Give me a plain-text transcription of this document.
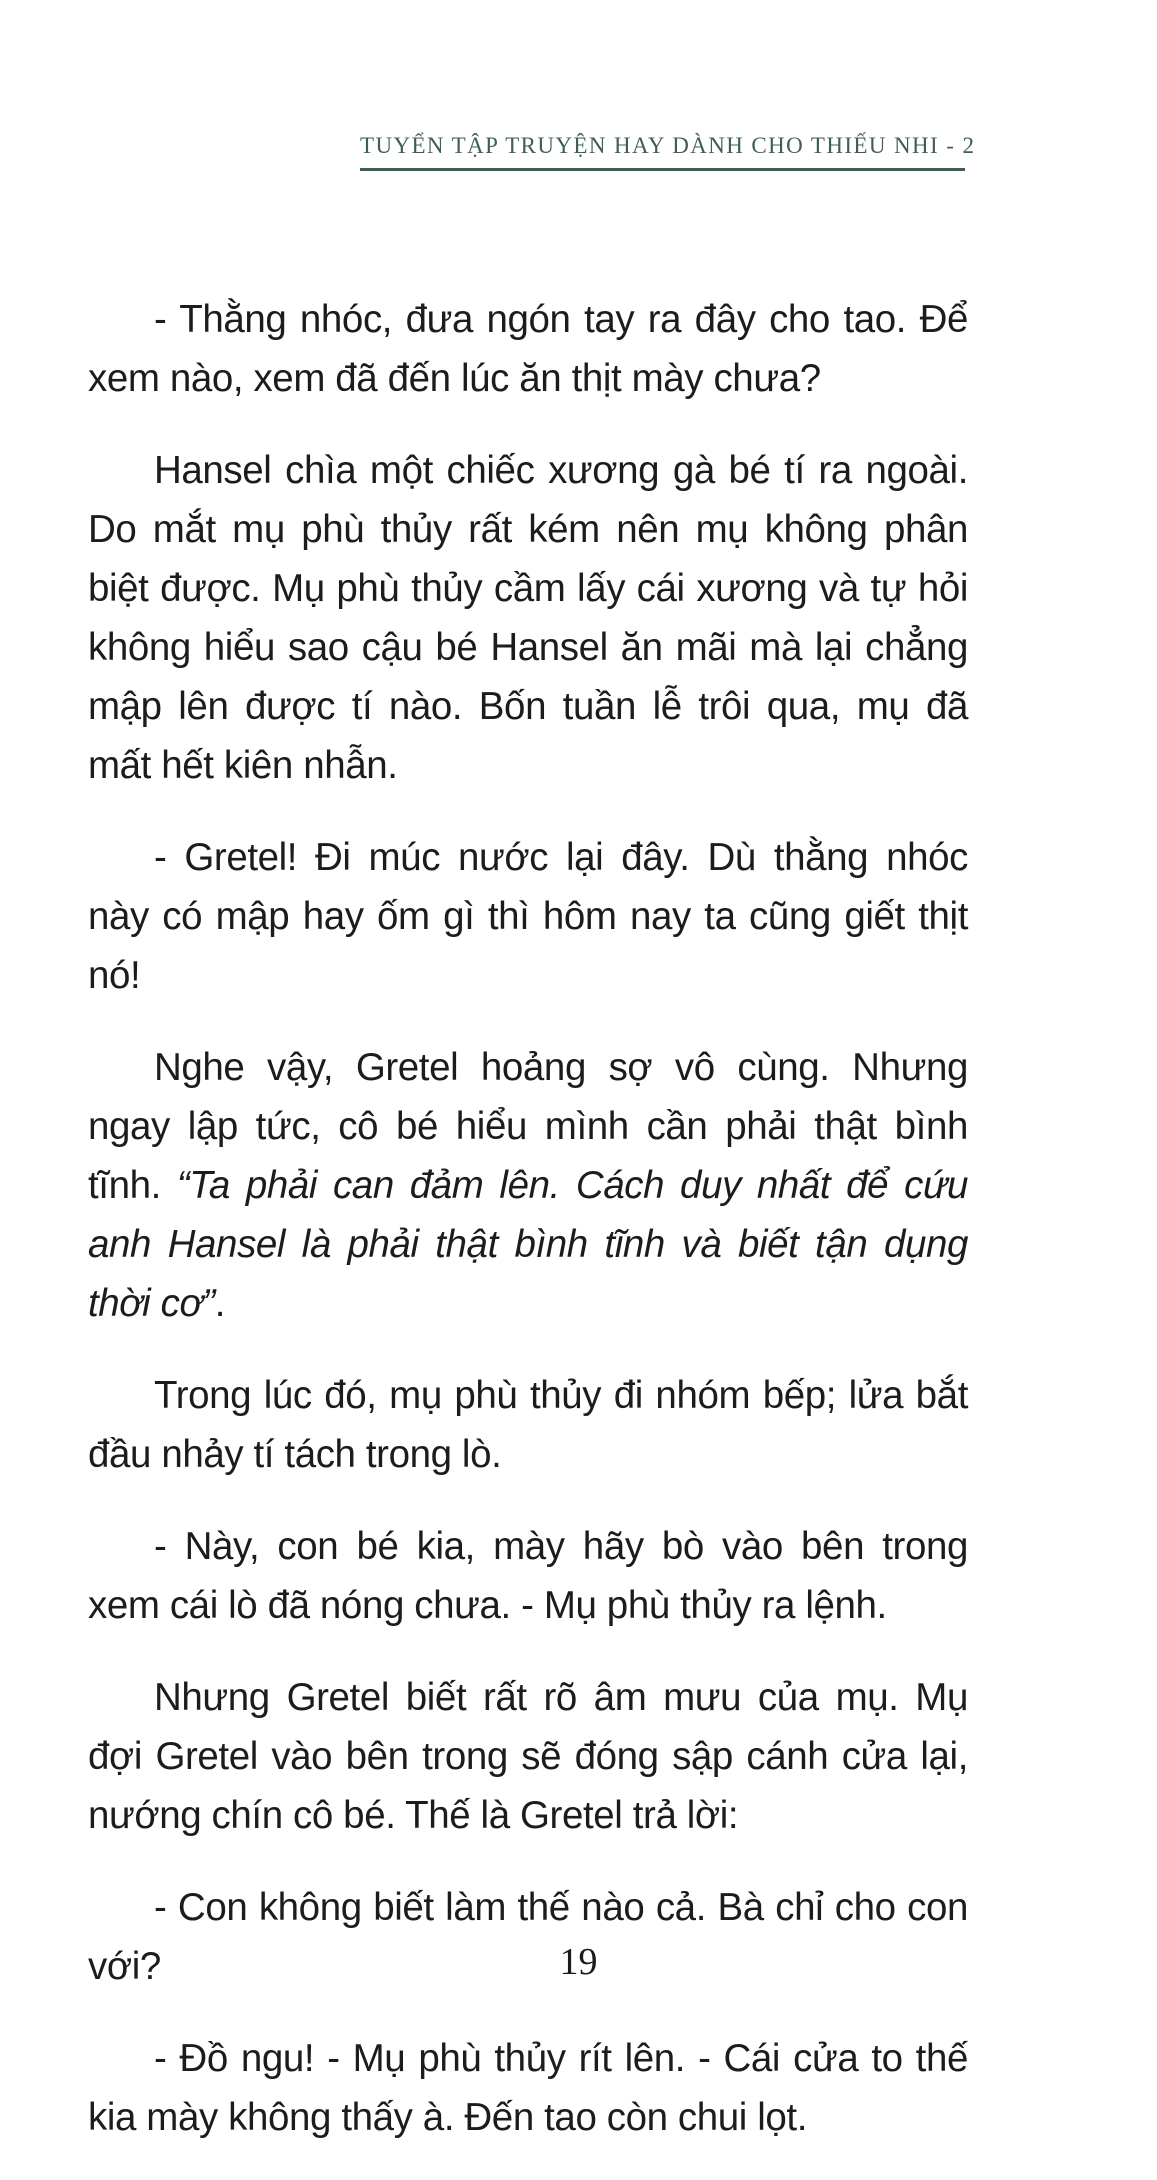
TUYỂN TẬP TRUYỆN HAY DÀNH CHO THIẾU NHI - 2

- Thằng nhóc, đưa ngón tay ra đây cho tao. Để xem nào, xem đã đến lúc ăn thịt mày chưa?

Hansel chìa một chiếc xương gà bé tí ra ngoài. Do mắt mụ phù thủy rất kém nên mụ không phân biệt được. Mụ phù thủy cầm lấy cái xương và tự hỏi không hiểu sao cậu bé Hansel ăn mãi mà lại chẳng mập lên được tí nào. Bốn tuần lễ trôi qua, mụ đã mất hết kiên nhẫn.

- Gretel! Đi múc nước lại đây. Dù thằng nhóc này có mập hay ốm gì thì hôm nay ta cũng giết thịt nó!

Nghe vậy, Gretel hoảng sợ vô cùng. Nhưng ngay lập tức, cô bé hiểu mình cần phải thật bình tĩnh. “Ta phải can đảm lên. Cách duy nhất để cứu anh Hansel là phải thật bình tĩnh và biết tận dụng thời cơ”.

Trong lúc đó, mụ phù thủy đi nhóm bếp; lửa bắt đầu nhảy tí tách trong lò.

- Này, con bé kia, mày hãy bò vào bên trong xem cái lò đã nóng chưa. - Mụ phù thủy ra lệnh.

Nhưng Gretel biết rất rõ âm mưu của mụ. Mụ đợi Gretel vào bên trong sẽ đóng sập cánh cửa lại, nướng chín cô bé. Thế là Gretel trả lời:

- Con không biết làm thế nào cả. Bà chỉ cho con với?

- Đồ ngu! - Mụ phù thủy rít lên. - Cái cửa to thế kia mày không thấy à. Đến tao còn chui lọt.

19
